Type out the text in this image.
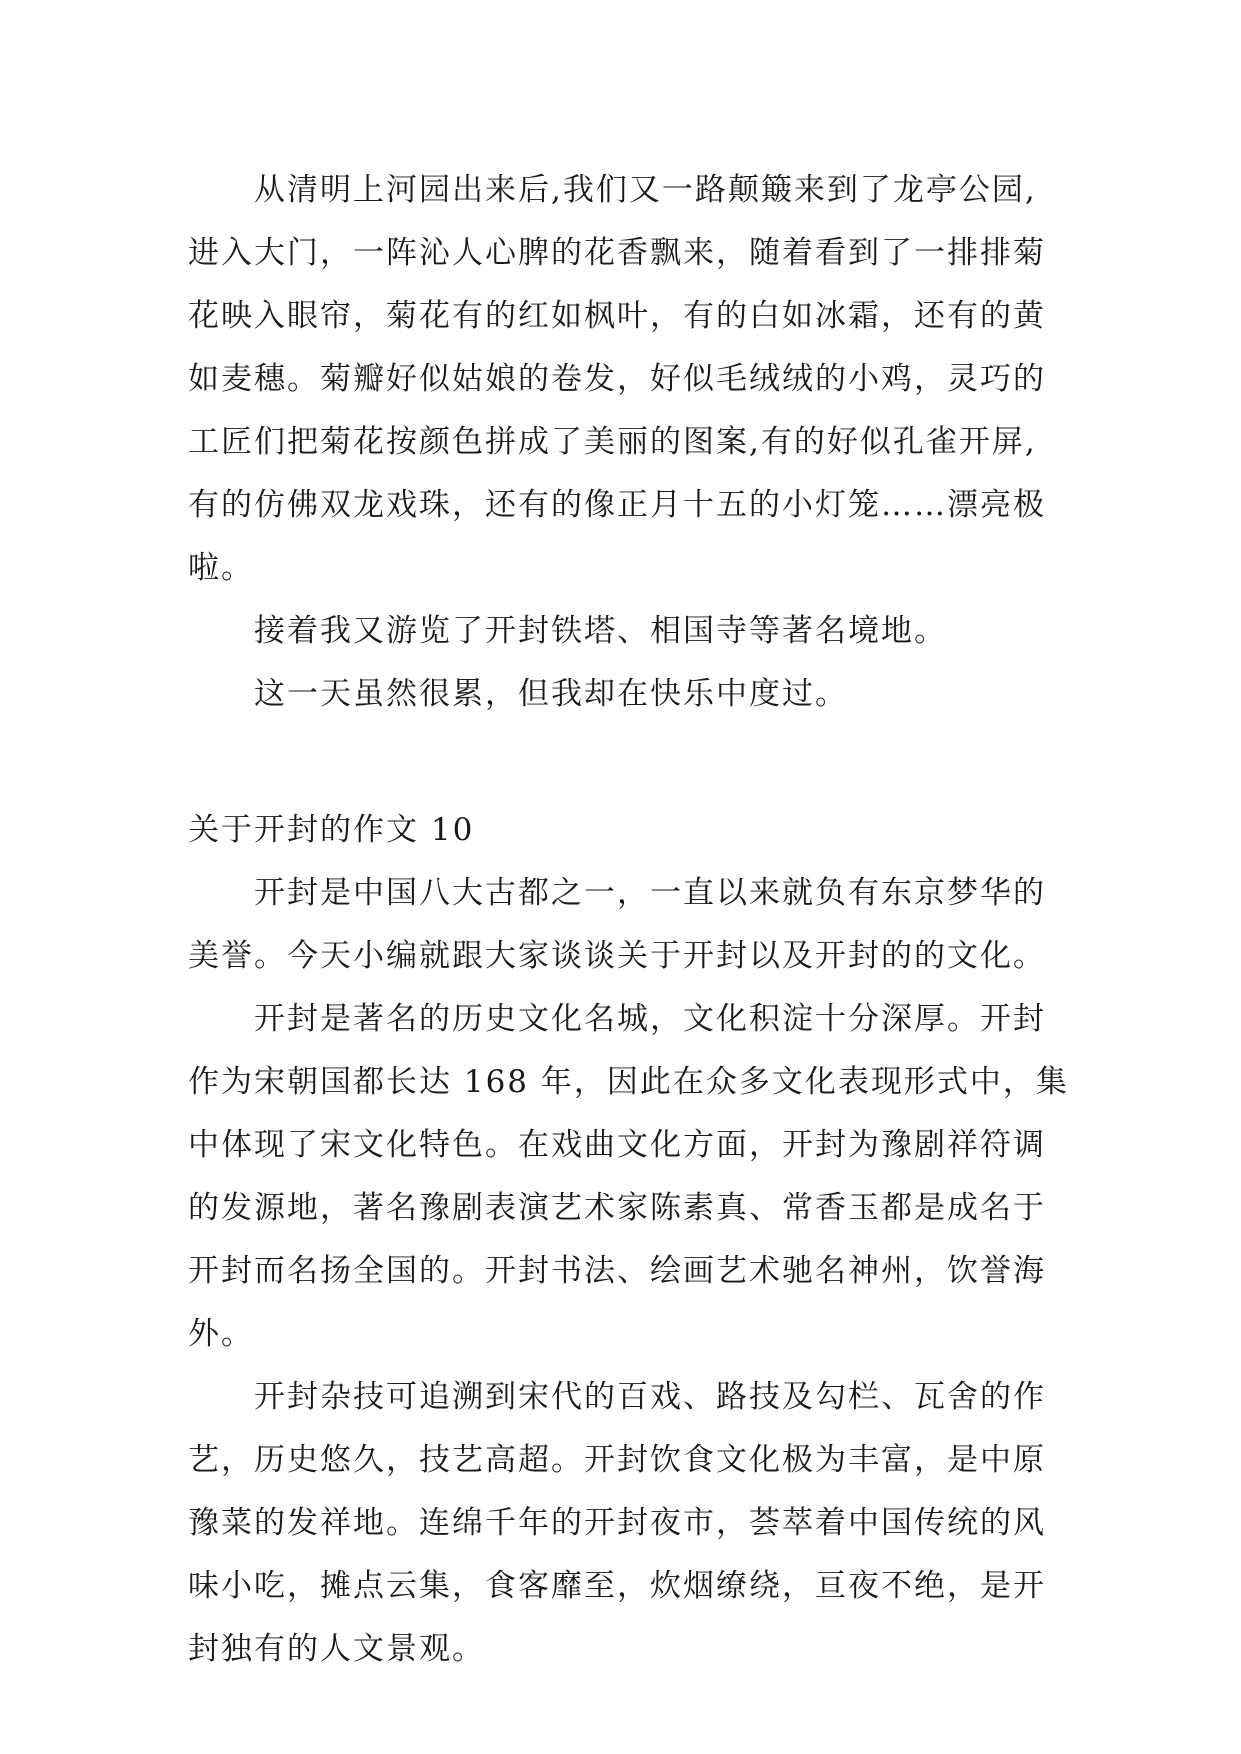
从清明上河园出来后,我们又一路颠簸来到了龙亭公园,
进入大门，一阵沁人心脾的花香飘来，随着看到了一排排菊
花映入眼帘，菊花有的红如枫叶，有的白如冰霜，还有的黄
如麦穗。菊瓣好似姑娘的卷发，好似毛绒绒的小鸡，灵巧的
工匠们把菊花按颜色拼成了美丽的图案,有的好似孔雀开屏,
有的仿佛双龙戏珠，还有的像正月十五的小灯笼……漂亮极
啦。
接着我又游览了开封铁塔、相国寺等著名境地。
这一天虽然很累，但我却在快乐中度过。
关于开封的作文 10
开封是中国八大古都之一，一直以来就负有东京梦华的
美誉。今天小编就跟大家谈谈关于开封以及开封的的文化。
开封是著名的历史文化名城，文化积淀十分深厚。开封
作为宋朝国都长达 168 年，因此在众多文化表现形式中，集
中体现了宋文化特色。在戏曲文化方面，开封为豫剧祥符调
的发源地，著名豫剧表演艺术家陈素真、常香玉都是成名于
开封而名扬全国的。开封书法、绘画艺术驰名神州，饮誉海
外。
开封杂技可追溯到宋代的百戏、路技及勾栏、瓦舍的作
艺，历史悠久，技艺高超。开封饮食文化极为丰富，是中原
豫菜的发祥地。连绵千年的开封夜市，荟萃着中国传统的风
味小吃，摊点云集，食客靡至，炊烟缭绕，亘夜不绝，是开
封独有的人文景观。
